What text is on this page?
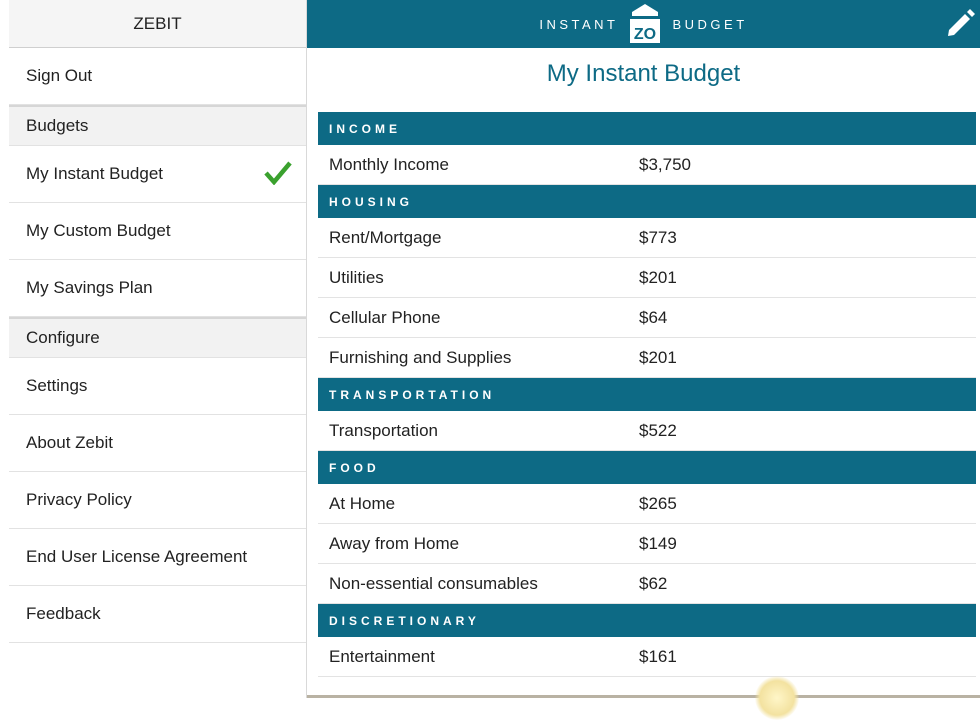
ZEBIT
Sign Out
Budgets
My Instant Budget
My Custom Budget
My Savings Plan
Configure
Settings
About Zebit
Privacy Policy
End User License Agreement
Feedback
INSTANT
ZO
BUDGET
My Instant Budget
INCOME
Monthly Income	$3,750
HOUSING
Rent/Mortgage	$773
Utilities	$201
Cellular Phone	$64
Furnishing and Supplies	$201
TRANSPORTATION
Transportation	$522
FOOD
At Home	$265
Away from Home	$149
Non-essential consumables	$62
DISCRETIONARY
Entertainment	$161
